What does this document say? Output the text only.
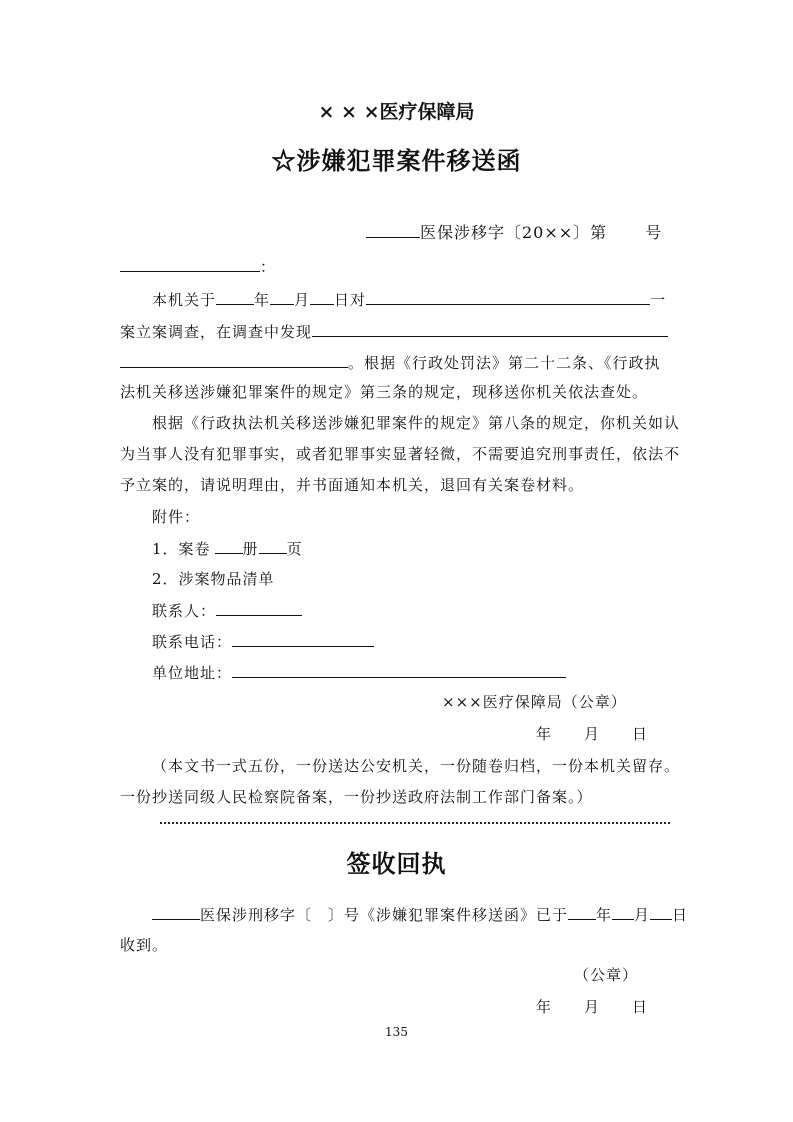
× × ×医疗保障局
☆涉嫌犯罪案件移送函
医保涉移字〔20××〕第 号
：
本机关于	年 月 日对	一
案立案调查，在调查中发现
。根据《行政处罚法》第二十二条、《行政执
法机关移送涉嫌犯罪案件的规定》第三条的规定，现移送你机关依法查处。
根据《行政执法机关移送涉嫌犯罪案件的规定》第八条的规定，你机关如认
为当事人没有犯罪事实，或者犯罪事实显著轻微，不需要追究刑事责任，依法不
予立案的，请说明理由，并书面通知本机关，退回有关案卷材料。
附件：
1．案卷 册 页
2．涉案物品清单
联系人：
联系电话：
单位地址：
×××医疗保障局（公章）
年　　月　　日
（本文书一式五份，一份送达公安机关，一份随卷归档，一份本机关留存。
一份抄送同级人民检察院备案，一份抄送政府法制工作部门备案。）
签收回执
医保涉刑移字〔　〕号《涉嫌犯罪案件移送函》已于 年 月 日
收到。
（公章）
年　　月　　日
135
